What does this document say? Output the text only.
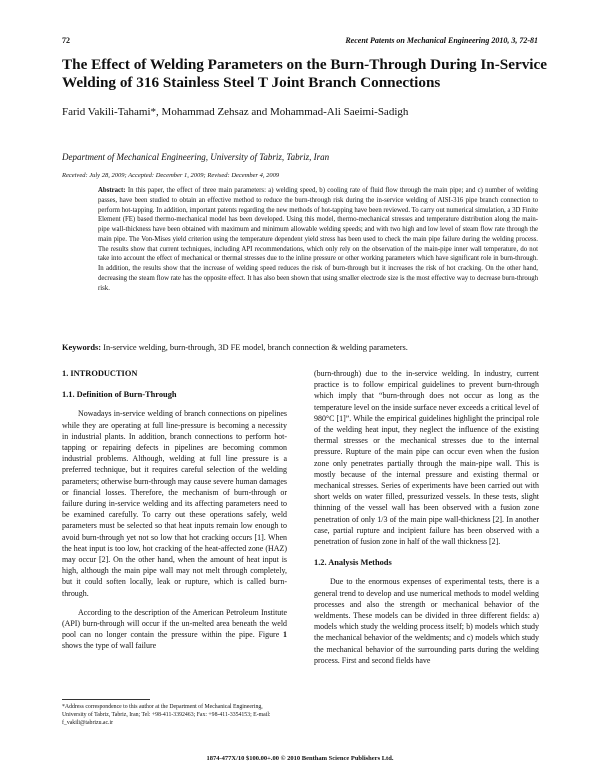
72	Recent Patents on Mechanical Engineering 2010, 3, 72-81
The Effect of Welding Parameters on the Burn-Through During In-Service Welding of 316 Stainless Steel T Joint Branch Connections
Farid Vakili-Tahami*, Mohammad Zehsaz and Mohammad-Ali Saeimi-Sadigh
Department of Mechanical Engineering, University of Tabriz, Tabriz, Iran
Received: July 28, 2009; Accepted: December 1, 2009; Revised: December 4, 2009
Abstract: In this paper, the effect of three main parameters: a) welding speed, b) cooling rate of fluid flow through the main pipe; and c) number of welding passes, have been studied to obtain an effective method to reduce the burn-through risk during the in-service welding of AISI-316 pipe branch connection to perform hot-tapping. In addition, important patents regarding the new methods of hot-tapping have been reviewed. To carry out numerical simulation, a 3D Finite Element (FE) based thermo-mechanical model has been developed. Using this model, thermo-mechanical stresses and temperature distribution along the main-pipe wall-thickness have been obtained with maximum and minimum allowable welding speeds; and with two high and low level of steam flow rate through the main pipe. The Von-Mises yield criterion using the temperature dependent yield stress has been used to check the main pipe failure during the welding process. The results show that current techniques, including API recommendations, which only rely on the observation of the main-pipe inner wall temperature, do not take into account the effect of mechanical or thermal stresses due to the inline pressure or other working parameters which have significant role in burn-through. In addition, the results show that the increase of welding speed reduces the risk of burn-through but it increases the risk of hot cracking. On the other hand, decreasing the steam flow rate has the opposite effect. It has also been shown that using smaller electrode size is the most effective way to decrease burn-through risk.
Keywords: In-service welding, burn-through, 3D FE model, branch connection & welding parameters.
1. INTRODUCTION
1.1. Definition of Burn-Through

Nowadays in-service welding of branch connections on pipelines while they are operating at full line-pressure is becoming a necessity in industrial plants. In addition, branch connections to perform hot-tapping or repairing defects in pipelines are becoming common industrial problems. Although, welding at full line pressure is a preferred technique, but it requires careful selection of the welding parameters; otherwise burn-through may cause severe human damages or financial losses. Therefore, the mechanism of burn-through or failure during in-service welding and its affecting parameters need to be examined carefully. To carry out these operations safely, weld parameters must be selected so that heat inputs remain low enough to avoid burn-through yet not so low that hot cracking occurs [1]. When the heat input is too low, hot cracking of the heat-affected zone (HAZ) may occur [2]. On the other hand, when the amount of heat input is high, although the main pipe wall may not melt through completely, but it could soften locally, leak or rupture, which is called burn-through.

According to the description of the American Petroleum Institute (API) burn-through will occur if the un-melted area beneath the weld pool can no longer contain the pressure within the pipe. Figure 1 shows the type of wall failure

*Address correspondence to this author at the Department of Mechanical Engineering, University of Tabriz, Tabriz, Iran; Tel: +98-411-3392463; Fax: +98-411-3354153; E-mail: f_vakili@tabrizu.ac.ir

(burn-through) due to the in-service welding. In industry, current practice is to follow empirical guidelines to prevent burn-through which imply that “burn-through does not occur as long as the temperature level on the inside surface never exceeds a critical level of 980°C [1]”. While the empirical guidelines highlight the principal role of the welding heat input, they neglect the influence of the existing thermal stresses or the mechanical stresses due to the internal pressure. Rupture of the main pipe can occur even when the fusion zone only penetrates partially through the main-pipe wall. This is mostly because of the internal pressure and existing thermal or mechanical stresses. Series of experiments have been carried out with short welds on water filled, pressurized vessels. In these tests, slight thinning of the vessel wall has been observed with a fusion zone penetration of only 1/3 of the main pipe wall-thickness [2]. In another case, partial rupture and incipient failure has been observed with a penetration of fusion zone in half of the wall thickness [2].

1.2. Analysis Methods

Due to the enormous expenses of experimental tests, there is a general trend to develop and use numerical methods to model welding processes and also the strength or mechanical behavior of the weldments. These models can be divided in three different fields: a) models which study the welding process itself; b) models which study the mechanical behavior of the weldments; and c) models which study the mechanical behavior of the surrounding parts during the welding process. First and second fields have

1874-477X/10 $100.00+.00 © 2010 Bentham Science Publishers Ltd.
